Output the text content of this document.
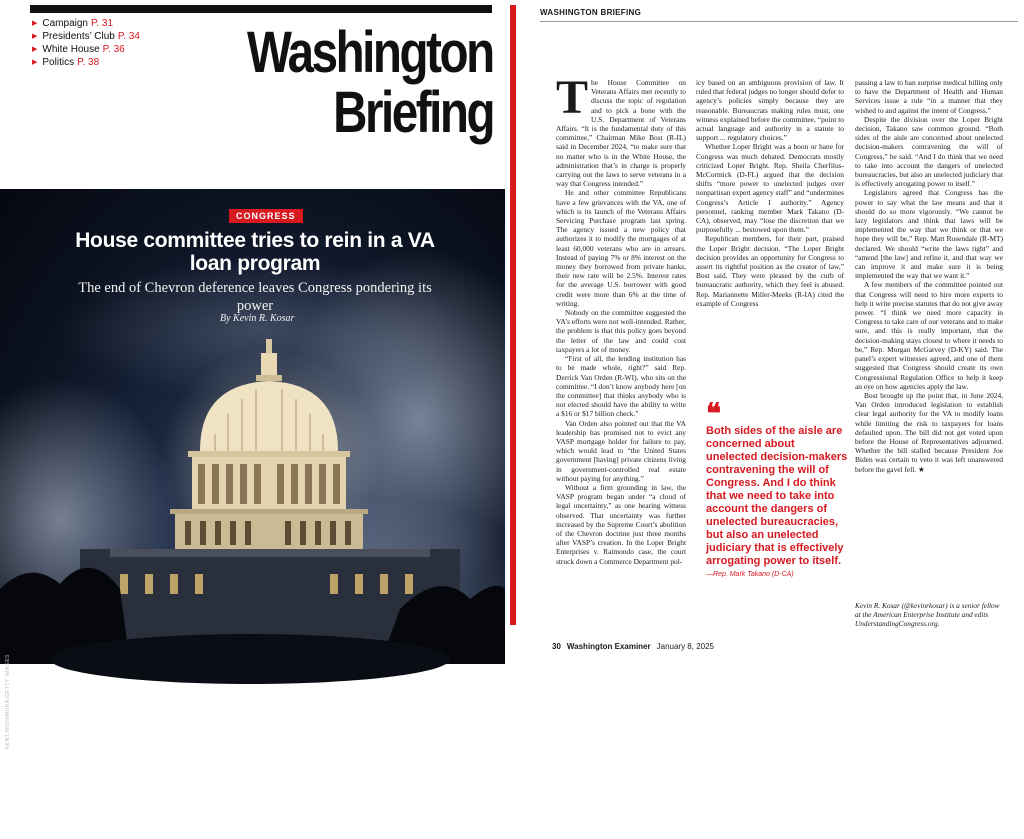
▶ Campaign P. 31
▶ Presidents’ Club P. 34
▶ White House P. 36
▶ Politics P. 38	Washington
Briefing
CONGRESS
House committee tries to rein in a VA loan program
The end of Chevron deference leaves Congress pondering its power
By Kevin R. Kosar
KENT NISHIMURA/GETTY IMAGES
January 8, 2025 Washington Examiner 29
WASHINGTON BRIEFING

The House Committee on Veterans Affairs met recently to discuss the topic of regulation and to pick a bone with the U.S. Department of Veterans Affairs. “It is the fundamental duty of this committee,” Chairman Mike Bost (R-IL) said in December 2024, “to make sure that no matter who is in the White House, the administration that’s in charge is properly carrying out the laws to serve veterans in a way that Congress intended.”

He and other committee Republicans have a few grievances with the VA, one of which is its launch of the Veterans Affairs Servicing Purchase program last spring. The agency issued a new policy that authorizes it to modify the mortgages of at least 60,000 veterans who are in arrears. Instead of paying 7% or 8% interest on the money they borrowed from private banks, their new rate will be 2.5%. Interest rates for the average U.S. borrower with good credit were more than 6% at the time of writing.

Nobody on the committee suggested the VA’s efforts were not well-intended. Rather, the problem is that this policy goes beyond the letter of the law and could cost taxpayers a lot of money.

“First of all, the lending institution has to be made whole, right?” said Rep. Derrick Van Orden (R-WI), who sits on the committee. “I don’t know anybody here [on the committee] that thinks anybody who is not elected should have the ability to write a $16 or $17 billion check.”

Van Orden also pointed out that the VA leadership has promised not to evict any VASP mortgage holder for failure to pay, which would lead to “the United States government [having] private citizens living in government-controlled real estate without paying for anything.”

Without a firm grounding in law, the VASP program began under “a cloud of legal uncertainty,” as one hearing witness observed. That uncertainty was further increased by the Supreme Court’s abolition of the Chevron doctrine just three months after VASP’s creation. In the Loper Bright Enterprises v. Raimondo case, the court struck down a Commerce Department pol-

icy based on an ambiguous provision of law. It ruled that federal judges no longer should defer to agency’s policies simply because they are reasonable. Bureaucrats making rules must, one witness explained before the committee, “point to actual language and authority in a statute to support ... regulatory choices.”

Whether Loper Bright was a boon or bane for Congress was much debated. Democrats mostly criticized Loper Bright. Rep. Sheila Cherfilus-McCormick (D-FL) argued that the decision shifts “more power to unelected judges over nonpartisan expert agency staff” and “undermines Congress’s Article I authority.” Agency personnel, ranking member Mark Takano (D-CA), observed, may “lose the discretion that we purposefully ... bestowed upon them.”

Republican members, for their part, praised the Loper Bright decision. “The Loper Bright decision provides an opportunity for Congress to assert its rightful position as the creator of law,” Bost said. They were pleased by the curb of bureaucratic authority, which they feel is abused. Rep. Mariannette Miller-Meeks (R-IA) cited the example of Congress

❝
Both sides of the aisle are concerned about unelected decision-makers contravening the will of Congress. And I do think that we need to take into account the dangers of unelected bureaucracies, but also an unelected judiciary that is effectively arrogating power to itself.
—Rep. Mark Takano (D-CA)

passing a law to ban surprise medical billing only to have the Department of Health and Human Services issue a rule “in a manner that they wished to and against the intent of Congress.”

Despite the division over the Loper Bright decision, Takano saw common ground. “Both sides of the aisle are concerned about unelected decision-makers contravening the will of Congress,” he said. “And I do think that we need to take into account the dangers of unelected bureaucracies, but also an unelected judiciary that is effectively arrogating power to itself.”

Legislators agreed that Congress has the power to say what the law means and that it should do so more vigorously. “We cannot be lazy legislators and think that laws will be implemented the way that we think or that we hope they will be,” Rep. Matt Rosendale (R-MT) declared. We should “write the laws tight” and “amend [the law] and refine it, and that way we can improve it and make sure it is being implemented the way that we want it.”

A few members of the committee pointed out that Congress will need to hire more experts to help it write precise statutes that do not give away power. “I think we need more capacity in Congress to take care of our veterans and to make sure, and this is really important, that the decision-making stays closest to where it needs to be,” Rep. Morgan McGarvey (D-KY) said. The panel’s expert witnesses agreed, and one of them suggested that Congress should create its own Congressional Regulation Office to help it keep an eye on how agencies apply the law.

Bost brought up the point that, in June 2024, Van Orden introduced legislation to establish clear legal authority for the VA to modify loans while limiting the risk to taxpayers for loans defaulted upon. The bill did not get voted upon before the House of Representatives adjourned. Whether the bill stalled because President Joe Biden was certain to veto it was left unanswered before the gavel fell. ★

Kevin R. Kosar (@kevinrkosar) is a senior fellow at the American Enterprise Institute and edits UnderstandingCongress.org.
30 Washington Examiner January 8, 2025
